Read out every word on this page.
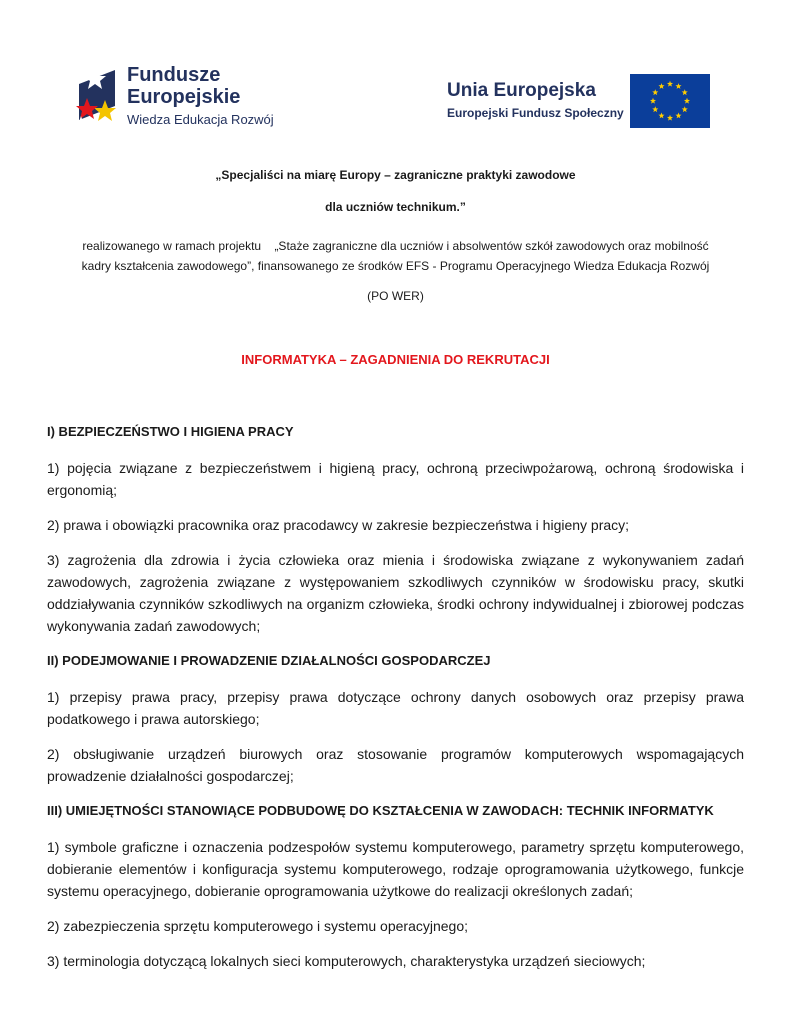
Fundusze
Europejskie
Wiedza Edukacja Rozwój
Unia Europejska
Europejski Fundusz Społeczny
„Specjaliści na miarę Europy – zagraniczne praktyki zawodowe
dla uczniów technikum.”
realizowanego w ramach projektu    „Staże zagraniczne dla uczniów i absolwentów szkół zawodowych oraz mobilność
kadry kształcenia zawodowego”, finansowanego ze środków EFS - Programu Operacyjnego Wiedza Edukacja Rozwój
(PO WER)
INFORMATYKA – ZAGADNIENIA DO REKRUTACJI
I) BEZPIECZEŃSTWO I HIGIENA PRACY

1) pojęcia związane z bezpieczeństwem i higieną pracy, ochroną przeciwpożarową, ochroną środowiska i ergonomią;

2) prawa i obowiązki pracownika oraz pracodawcy w zakresie bezpieczeństwa i higieny pracy;

3) zagrożenia dla zdrowia i życia człowieka oraz mienia i środowiska związane z wykonywaniem zadań zawodowych, zagrożenia związane z występowaniem szkodliwych czynników w środowisku pracy, skutki oddziaływania czynników szkodliwych na organizm człowieka, środki ochrony indywidualnej i zbiorowej podczas wykonywania zadań zawodowych;

II) PODEJMOWANIE I PROWADZENIE DZIAŁALNOŚCI GOSPODARCZEJ

1) przepisy prawa pracy, przepisy prawa dotyczące ochrony danych osobowych oraz przepisy prawa podatkowego i prawa autorskiego;

2) obsługiwanie urządzeń biurowych oraz stosowanie programów komputerowych wspomagających prowadzenie działalności gospodarczej;

III) UMIEJĘTNOŚCI STANOWIĄCE PODBUDOWĘ DO KSZTAŁCENIA W ZAWODACH: TECHNIK INFORMATYK

1) symbole graficzne i oznaczenia podzespołów systemu komputerowego, parametry sprzętu komputerowego, dobieranie elementów i konfiguracja systemu komputerowego, rodzaje oprogramowania użytkowego, funkcje systemu operacyjnego, dobieranie oprogramowania użytkowe do realizacji określonych zadań;

2) zabezpieczenia sprzętu komputerowego i systemu operacyjnego;

3) terminologia dotyczącą lokalnych sieci komputerowych, charakterystyka urządzeń sieciowych;
